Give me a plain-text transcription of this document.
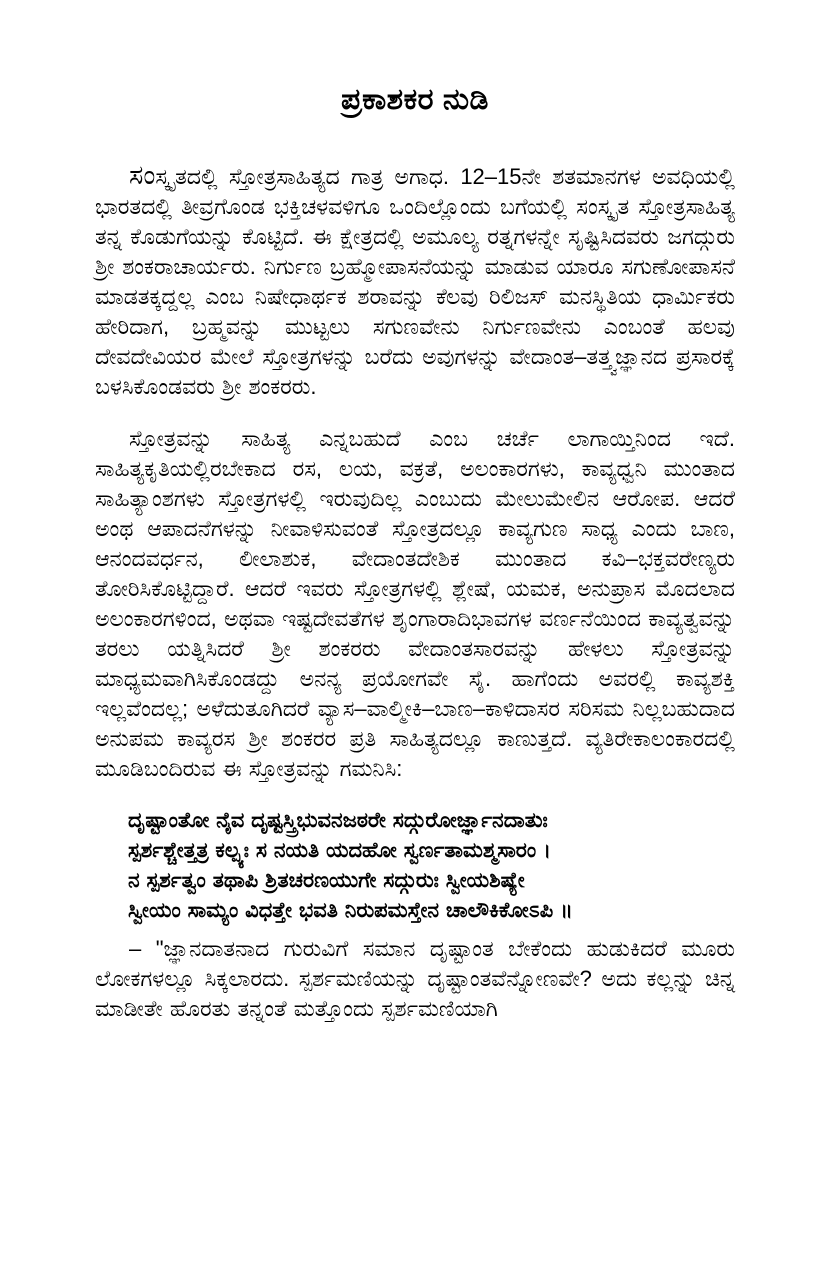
ಪ್ರಕಾಶಕರ ನುಡಿ

ಸಂಸ್ಕೃತದಲ್ಲಿ ಸ್ತೋತ್ರಸಾಹಿತ್ಯದ ಗಾತ್ರ ಅಗಾಧ. 12–15ನೇ ಶತಮಾನಗಳ ಅವಧಿಯಲ್ಲಿ ಭಾರತದಲ್ಲಿ ತೀವ್ರಗೊಂಡ ಭಕ್ತಿಚಳವಳಿಗೂ ಒಂದಿಲ್ಲೊಂದು ಬಗೆಯಲ್ಲಿ ಸಂಸ್ಕೃತ ಸ್ತೋತ್ರಸಾಹಿತ್ಯ ತನ್ನ ಕೊಡುಗೆಯನ್ನು ಕೊಟ್ಟಿದೆ. ಈ ಕ್ಷೇತ್ರದಲ್ಲಿ ಅಮೂಲ್ಯ ರತ್ನಗಳನ್ನೇ ಸೃಷ್ಟಿಸಿದವರು ಜಗದ್ಗುರು ಶ್ರೀ ಶಂಕರಾಚಾರ್ಯರು. ನಿರ್ಗುಣ ಬ್ರಹ್ಮೋಪಾಸನೆಯನ್ನು ಮಾಡುವ ಯಾರೂ ಸಗುಣೋಪಾಸನೆ ಮಾಡತಕ್ಕದ್ದಲ್ಲ ಎಂಬ ನಿಷೇಧಾರ್ಥಕ ಶರಾವನ್ನು ಕೆಲವು ರಿಲಿಜಸ್ ಮನಸ್ಥಿತಿಯ ಧಾರ್ಮಿಕರು ಹೇರಿದಾಗ, ಬ್ರಹ್ಮವನ್ನು ಮುಟ್ಟಲು ಸಗುಣವೇನು ನಿರ್ಗುಣವೇನು ಎಂಬಂತೆ ಹಲವು ದೇವದೇವಿಯರ ಮೇಲೆ ಸ್ತೋತ್ರಗಳನ್ನು ಬರೆದು ಅವುಗಳನ್ನು ವೇದಾಂತ–ತತ್ತ್ವಜ್ಞಾನದ ಪ್ರಸಾರಕ್ಕೆ ಬಳಸಿಕೊಂಡವರು ಶ್ರೀ ಶಂಕರರು.

ಸ್ತೋತ್ರವನ್ನು ಸಾಹಿತ್ಯ ಎನ್ನಬಹುದೆ ಎಂಬ ಚರ್ಚೆ ಲಾಗಾಯ್ತಿನಿಂದ ಇದೆ. ಸಾಹಿತ್ಯಕೃತಿಯಲ್ಲಿರಬೇಕಾದ ರಸ, ಲಯ, ವಕ್ರತೆ, ಅಲಂಕಾರಗಳು, ಕಾವ್ಯಧ್ವನಿ ಮುಂತಾದ ಸಾಹಿತ್ಯಾಂಶಗಳು ಸ್ತೋತ್ರಗಳಲ್ಲಿ ಇರುವುದಿಲ್ಲ ಎಂಬುದು ಮೇಲುಮೇಲಿನ ಆರೋಪ. ಆದರೆ ಅಂಥ ಆಪಾದನೆಗಳನ್ನು ನೀವಾಳಿಸುವಂತೆ ಸ್ತೋತ್ರದಲ್ಲೂ ಕಾವ್ಯಗುಣ ಸಾಧ್ಯ ಎಂದು ಬಾಣ, ಆನಂದವರ್ಧನ, ಲೀಲಾಶುಕ, ವೇದಾಂತದೇಶಿಕ ಮುಂತಾದ ಕವಿ–ಭಕ್ತವರೇಣ್ಯರು ತೋರಿಸಿಕೊಟ್ಟಿದ್ದಾರೆ. ಆದರೆ ಇವರು ಸ್ತೋತ್ರಗಳಲ್ಲಿ ಶ್ಲೇಷೆ, ಯಮಕ, ಅನುಪ್ರಾಸ ಮೊದಲಾದ ಅಲಂಕಾರಗಳಿಂದ, ಅಥವಾ ಇಷ್ಟದೇವತೆಗಳ ಶೃಂಗಾರಾದಿಭಾವಗಳ ವರ್ಣನೆಯಿಂದ ಕಾವ್ಯತ್ವವನ್ನು ತರಲು ಯತ್ನಿಸಿದರೆ ಶ್ರೀ ಶಂಕರರು ವೇದಾಂತಸಾರವನ್ನು ಹೇಳಲು ಸ್ತೋತ್ರವನ್ನು ಮಾಧ್ಯಮವಾಗಿಸಿಕೊಂಡದ್ದು ಅನನ್ಯ ಪ್ರಯೋಗವೇ ಸೈ. ಹಾಗೆಂದು ಅವರಲ್ಲಿ ಕಾವ್ಯಶಕ್ತಿ ಇಲ್ಲವೆಂದಲ್ಲ; ಅಳೆದುತೂಗಿದರೆ ವ್ಯಾಸ–ವಾಲ್ಮೀಕಿ–ಬಾಣ–ಕಾಳಿದಾಸರ ಸರಿಸಮ ನಿಲ್ಲಬಹುದಾದ ಅನುಪಮ ಕಾವ್ಯರಸ ಶ್ರೀ ಶಂಕರರ ಪ್ರತಿ ಸಾಹಿತ್ಯದಲ್ಲೂ ಕಾಣುತ್ತದೆ. ವ್ಯತಿರೇಕಾಲಂಕಾರದಲ್ಲಿ ಮೂಡಿಬಂದಿರುವ ಈ ಸ್ತೋತ್ರವನ್ನು ಗಮನಿಸಿ:

ದೃಷ್ಟಾಂತೋ ನೈವ ದೃಷ್ಟಸ್ತ್ರಿಭುವನಜಠರೇ ಸದ್ಗುರೋರ್ಜ್ಞಾನದಾತುಃ
ಸ್ಪರ್ಶಶ್ಚೇತ್ತತ್ರ ಕಲ್ಪ್ಯಃ ಸ ನಯತಿ ಯದಹೋ ಸ್ವರ್ಣತಾಮಶ್ಮಸಾರಂ ।
ನ ಸ್ಪರ್ಶತ್ವಂ ತಥಾಪಿ ಶ್ರಿತಚರಣಯುಗೇ ಸದ್ಗುರುಃ ಸ್ವೀಯಶಿಷ್ಯೇ
ಸ್ವೀಯಂ ಸಾಮ್ಯಂ ವಿಧತ್ತೇ ಭವತಿ ನಿರುಪಮಸ್ತೇನ ಚಾಲೌಕಿಕೋಽಪಿ ॥

– "ಜ್ಞಾನದಾತನಾದ ಗುರುವಿಗೆ ಸಮಾನ ದೃಷ್ಟಾಂತ ಬೇಕೆಂದು ಹುಡುಕಿದರೆ ಮೂರು ಲೋಕಗಳಲ್ಲೂ ಸಿಕ್ಕಲಾರದು. ಸ್ಪರ್ಶಮಣಿಯನ್ನು ದೃಷ್ಟಾಂತವೆನ್ನೋಣವೇ? ಅದು ಕಲ್ಲನ್ನು ಚಿನ್ನ ಮಾಡೀತೇ ಹೊರತು ತನ್ನಂತೆ ಮತ್ತೊಂದು ಸ್ಪರ್ಶಮಣಿಯಾಗಿ
